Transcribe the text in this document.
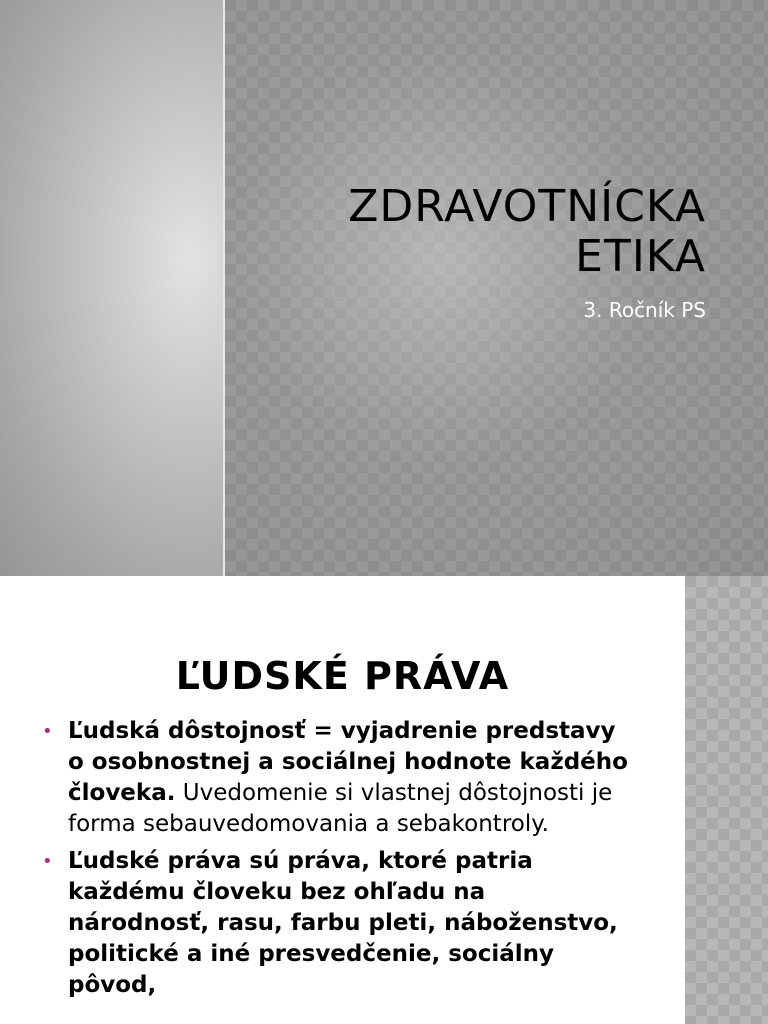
ZDRAVOTNÍCKA
ETIKA

3. Ročník PS

ĽUDSKÉ PRÁVA
• Ľudská dôstojnosť = vyjadrenie predstavy o osobnostnej a sociálnej hodnote každého človeka. Uvedomenie si vlastnej dôstojnosti je forma sebauvedomovania a sebakontroly.
• Ľudské práva sú práva, ktoré patria každému človeku bez ohľadu na národnosť, rasu, farbu pleti, náboženstvo, politické a iné presvedčenie, sociálny pôvod,
